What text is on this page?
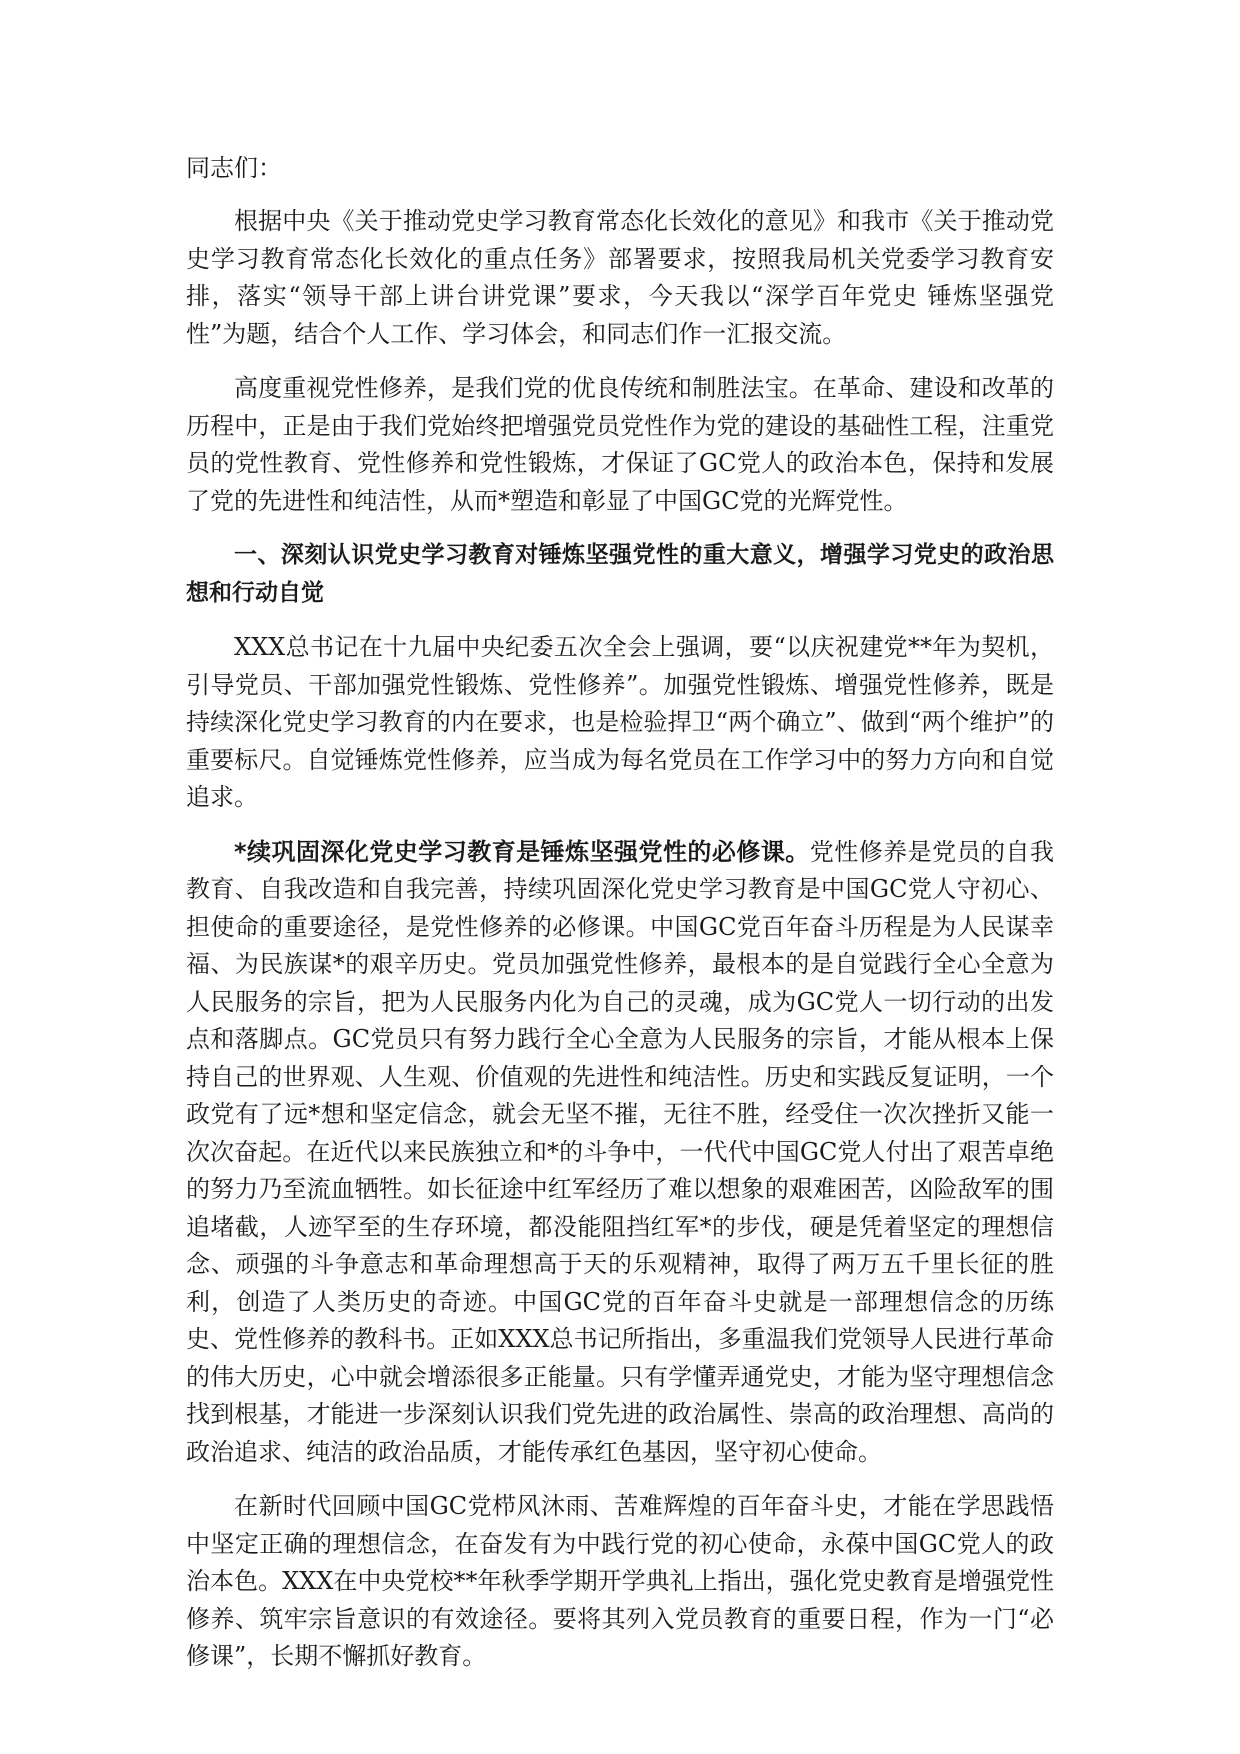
同志们：

根据中央《关于推动党史学习教育常态化长效化的意见》和我市《关于推动党史学习教育常态化长效化的重点任务》部署要求，按照我局机关党委学习教育安排，落实“领导干部上讲台讲党课”要求，今天我以“深学百年党史 锤炼坚强党性”为题，结合个人工作、学习体会，和同志们作一汇报交流。

高度重视党性修养，是我们党的优良传统和制胜法宝。在革命、建设和改革的历程中，正是由于我们党始终把增强党员党性作为党的建设的基础性工程，注重党员的党性教育、党性修养和党性锻炼，才保证了GC党人的政治本色，保持和发展了党的先进性和纯洁性，从而*塑造和彰显了中国GC党的光辉党性。

一、深刻认识党史学习教育对锤炼坚强党性的重大意义，增强学习党史的政治思想和行动自觉

XXX总书记在十九届中央纪委五次全会上强调，要“以庆祝建党**年为契机，引导党员、干部加强党性锻炼、党性修养”。加强党性锻炼、增强党性修养，既是持续深化党史学习教育的内在要求，也是检验捍卫“两个确立”、做到“两个维护”的重要标尺。自觉锤炼党性修养，应当成为每名党员在工作学习中的努力方向和自觉追求。

*续巩固深化党史学习教育是锤炼坚强党性的必修课。党性修养是党员的自我教育、自我改造和自我完善，持续巩固深化党史学习教育是中国GC党人守初心、担使命的重要途径，是党性修养的必修课。中国GC党百年奋斗历程是为人民谋幸福、为民族谋*的艰辛历史。党员加强党性修养，最根本的是自觉践行全心全意为人民服务的宗旨，把为人民服务内化为自己的灵魂，成为GC党人一切行动的出发点和落脚点。GC党员只有努力践行全心全意为人民服务的宗旨，才能从根本上保持自己的世界观、人生观、价值观的先进性和纯洁性。历史和实践反复证明，一个政党有了远*想和坚定信念，就会无坚不摧，无往不胜，经受住一次次挫折又能一次次奋起。在近代以来民族独立和*的斗争中，一代代中国GC党人付出了艰苦卓绝的努力乃至流血牺牲。如长征途中红军经历了难以想象的艰难困苦，凶险敌军的围追堵截，人迹罕至的生存环境，都没能阻挡红军*的步伐，硬是凭着坚定的理想信念、顽强的斗争意志和革命理想高于天的乐观精神，取得了两万五千里长征的胜利，创造了人类历史的奇迹。中国GC党的百年奋斗史就是一部理想信念的历练史、党性修养的教科书。正如XXX总书记所指出，多重温我们党领导人民进行革命的伟大历史，心中就会增添很多正能量。只有学懂弄通党史，才能为坚守理想信念找到根基，才能进一步深刻认识我们党先进的政治属性、崇高的政治理想、高尚的政治追求、纯洁的政治品质，才能传承红色基因，坚守初心使命。

在新时代回顾中国GC党栉风沐雨、苦难辉煌的百年奋斗史，才能在学思践悟中坚定正确的理想信念，在奋发有为中践行党的初心使命，永葆中国GC党人的政治本色。XXX在中央党校**年秋季学期开学典礼上指出，强化党史教育是增强党性修养、筑牢宗旨意识的有效途径。要将其列入党员教育的重要日程，作为一门“必修课”，长期不懈抓好教育。
